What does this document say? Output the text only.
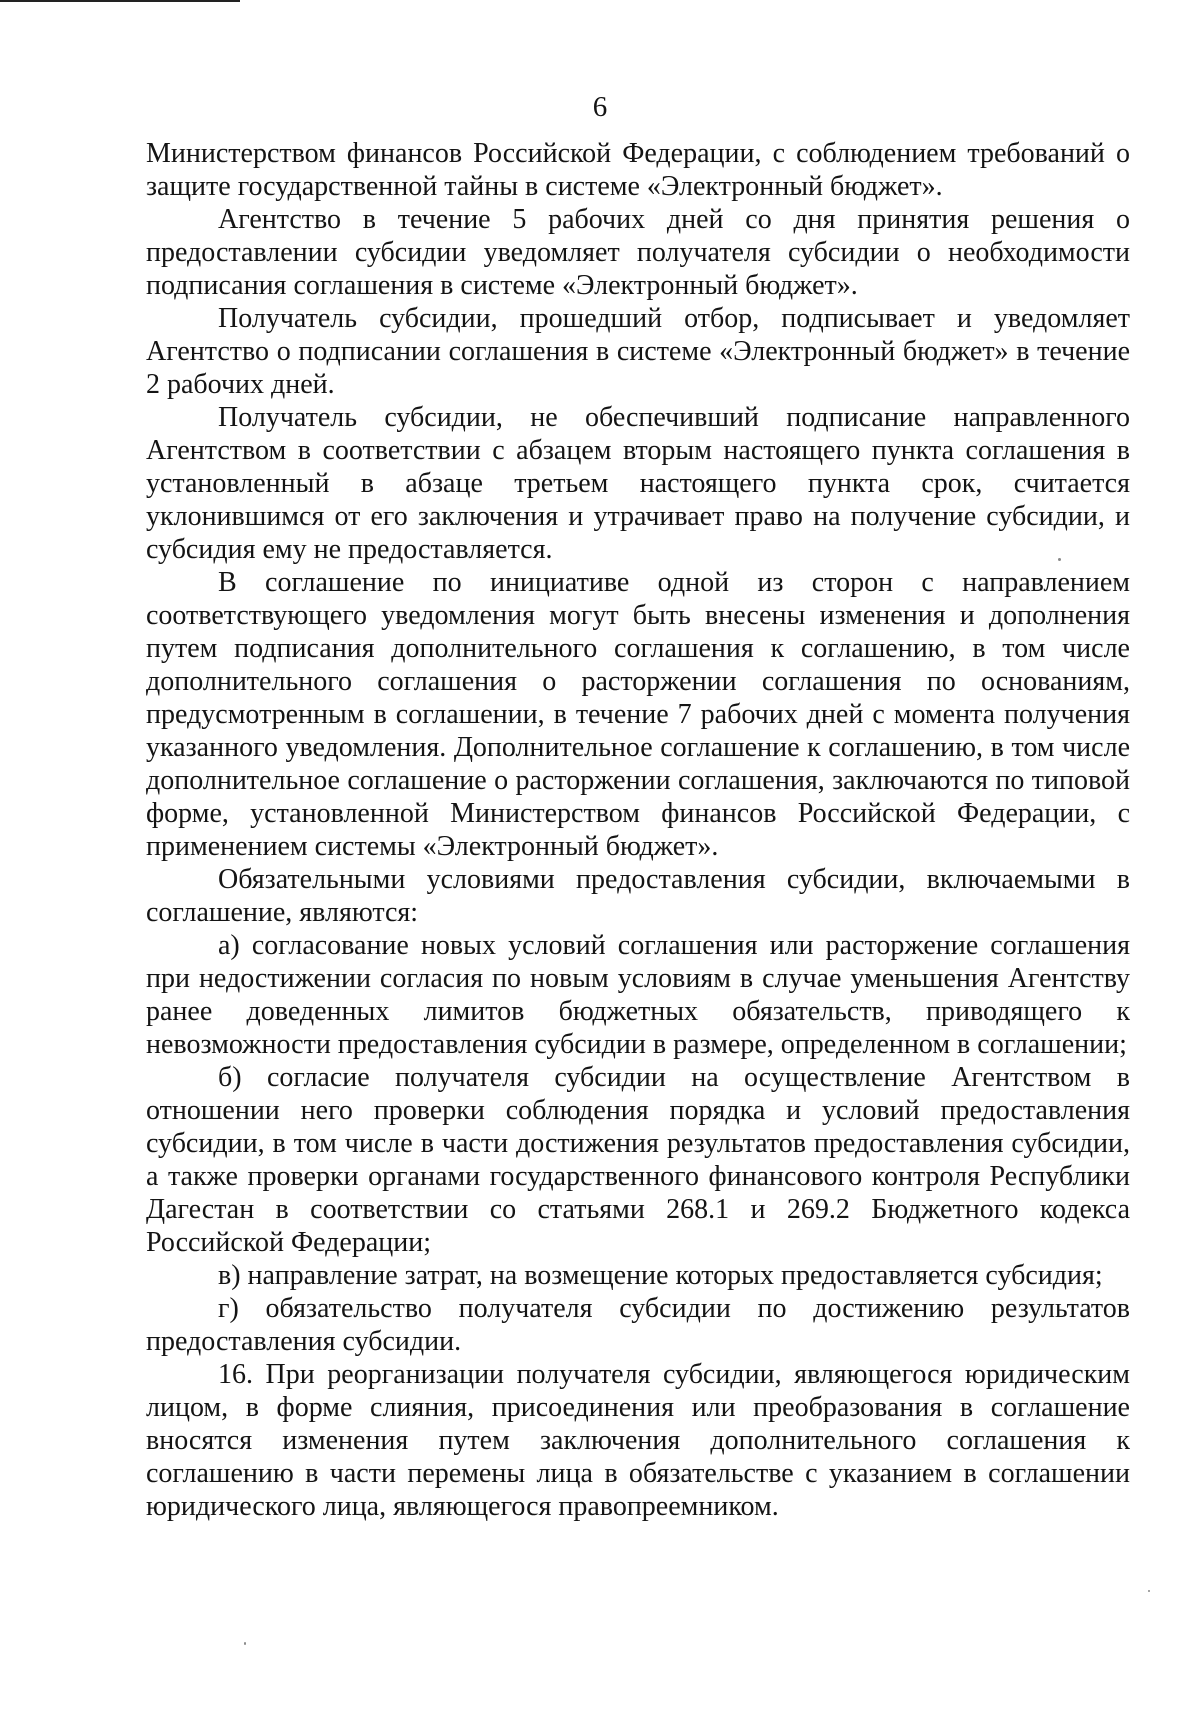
6

Министерством финансов Российской Федерации, с соблюдением требований о защите государственной тайны в системе «Электронный бюджет».

Агентство в течение 5 рабочих дней со дня принятия решения о предоставлении субсидии уведомляет получателя субсидии о необходимости подписания соглашения в системе «Электронный бюджет».

Получатель субсидии, прошедший отбор, подписывает и уведомляет Агентство о подписании соглашения в системе «Электронный бюджет» в течение 2 рабочих дней.

Получатель субсидии, не обеспечивший подписание направленного Агентством в соответствии с абзацем вторым настоящего пункта соглашения в установленный в абзаце третьем настоящего пункта срок, считается уклонившимся от его заключения и утрачивает право на получение субсидии, и субсидия ему не предоставляется.

В соглашение по инициативе одной из сторон с направлением соответствующего уведомления могут быть внесены изменения и дополнения путем подписания дополнительного соглашения к соглашению, в том числе дополнительного соглашения о расторжении соглашения по основаниям, предусмотренным в соглашении, в течение 7 рабочих дней с момента получения указанного уведомления. Дополнительное соглашение к соглашению, в том числе дополнительное соглашение о расторжении соглашения, заключаются по типовой форме, установленной Министерством финансов Российской Федерации, с применением системы «Электронный бюджет».

Обязательными условиями предоставления субсидии, включаемыми в соглашение, являются:

а) согласование новых условий соглашения или расторжение соглашения при недостижении согласия по новым условиям в случае уменьшения Агентству ранее доведенных лимитов бюджетных обязательств, приводящего к невозможности предоставления субсидии в размере, определенном в соглашении;

б) согласие получателя субсидии на осуществление Агентством в отношении него проверки соблюдения порядка и условий предоставления субсидии, в том числе в части достижения результатов предоставления субсидии, а также проверки органами государственного финансового контроля Республики Дагестан в соответствии со статьями 268.1 и 269.2 Бюджетного кодекса Российской Федерации;

в) направление затрат, на возмещение которых предоставляется субсидия;

г) обязательство получателя субсидии по достижению результатов предоставления субсидии.

16. При реорганизации получателя субсидии, являющегося юридическим лицом, в форме слияния, присоединения или преобразования в соглашение вносятся изменения путем заключения дополнительного соглашения к соглашению в части перемены лица в обязательстве с указанием в соглашении юридического лица, являющегося правопреемником.
